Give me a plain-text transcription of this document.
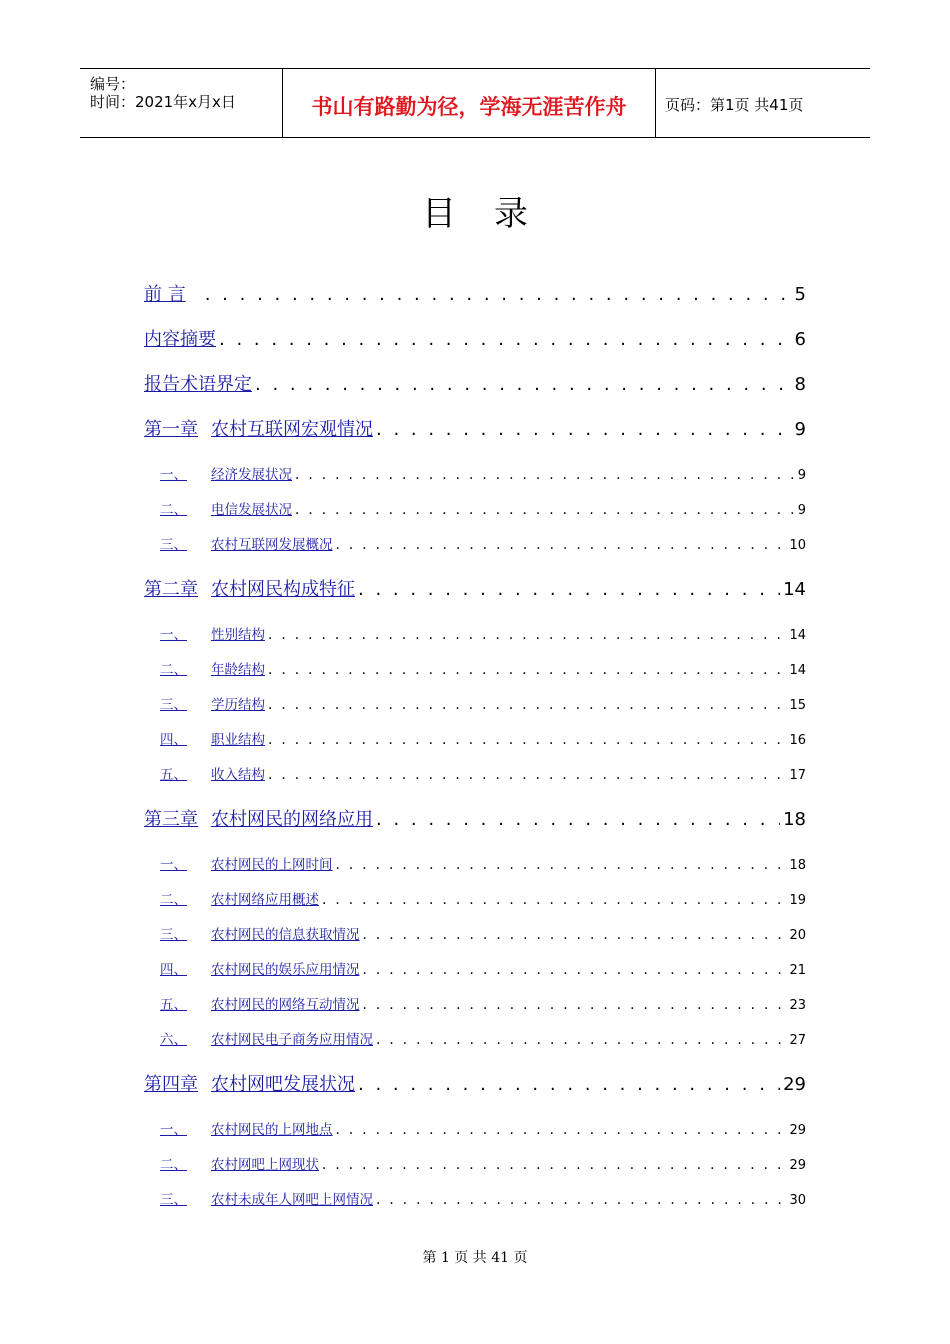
编号：
时间：2021年x月x日	书山有路勤为径，学海无涯苦作舟	页码：第1页 共41页
目录
前 言 . . .	5
内容摘要 . . .	6
报告术语界定 . . .	8
第一章 农村互联网宏观情况 . . .	9
一、 经济发展状况 . . .	9
二、 电信发展状况 . . .	9
三、 农村互联网发展概况 . . .	10
第二章 农村网民构成特征 . . .	14
一、 性别结构 . . .	14
二、 年龄结构 . . .	14
三、 学历结构 . . .	15
四、 职业结构 . . .	16
五、 收入结构 . . .	17
第三章 农村网民的网络应用 . . .	18
一、 农村网民的上网时间 . . .	18
二、 农村网络应用概述 . . .	19
三、 农村网民的信息获取情况 . . .	20
四、 农村网民的娱乐应用情况 . . .	21
五、 农村网民的网络互动情况 . . .	23
六、 农村网民电子商务应用情况 . . .	27
第四章 农村网吧发展状况 . . .	29
一、 农村网民的上网地点 . . .	29
二、 农村网吧上网现状 . . .	29
三、 农村未成年人网吧上网情况 . . .	30
第 1 页 共 41 页
